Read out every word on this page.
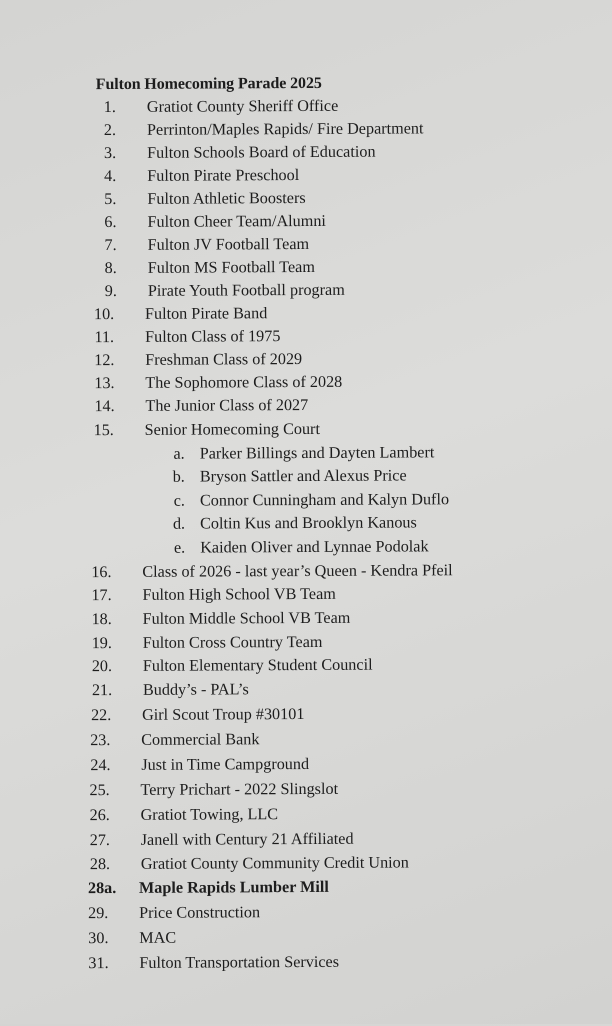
Fulton Homecoming Parade 2025
1. Gratiot County Sheriff Office
2. Perrinton/Maples Rapids/ Fire Department
3. Fulton Schools Board of Education
4. Fulton Pirate Preschool
5. Fulton Athletic Boosters
6. Fulton Cheer Team/Alumni
7. Fulton JV Football Team
8. Fulton MS Football Team
9. Pirate Youth Football program
10. Fulton Pirate Band
11. Fulton Class of 1975
12. Freshman Class of 2029
13. The Sophomore Class of 2028
14. The Junior Class of 2027
15. Senior Homecoming Court
a. Parker Billings and Dayten Lambert
b. Bryson Sattler and Alexus Price
c. Connor Cunningham and Kalyn Duflo
d. Coltin Kus and Brooklyn Kanous
e. Kaiden Oliver and Lynnae Podolak
16. Class of 2026 - last year’s Queen - Kendra Pfeil
17. Fulton High School VB Team
18. Fulton Middle School VB Team
19. Fulton Cross Country Team
20. Fulton Elementary Student Council
21. Buddy’s - PAL’s
22. Girl Scout Troup #30101
23. Commercial Bank
24. Just in Time Campground
25. Terry Prichart - 2022 Slingslot
26. Gratiot Towing, LLC
27. Janell with Century 21 Affiliated
28. Gratiot County Community Credit Union
28a. Maple Rapids Lumber Mill
29. Price Construction
30. MAC
31. Fulton Transportation Services
